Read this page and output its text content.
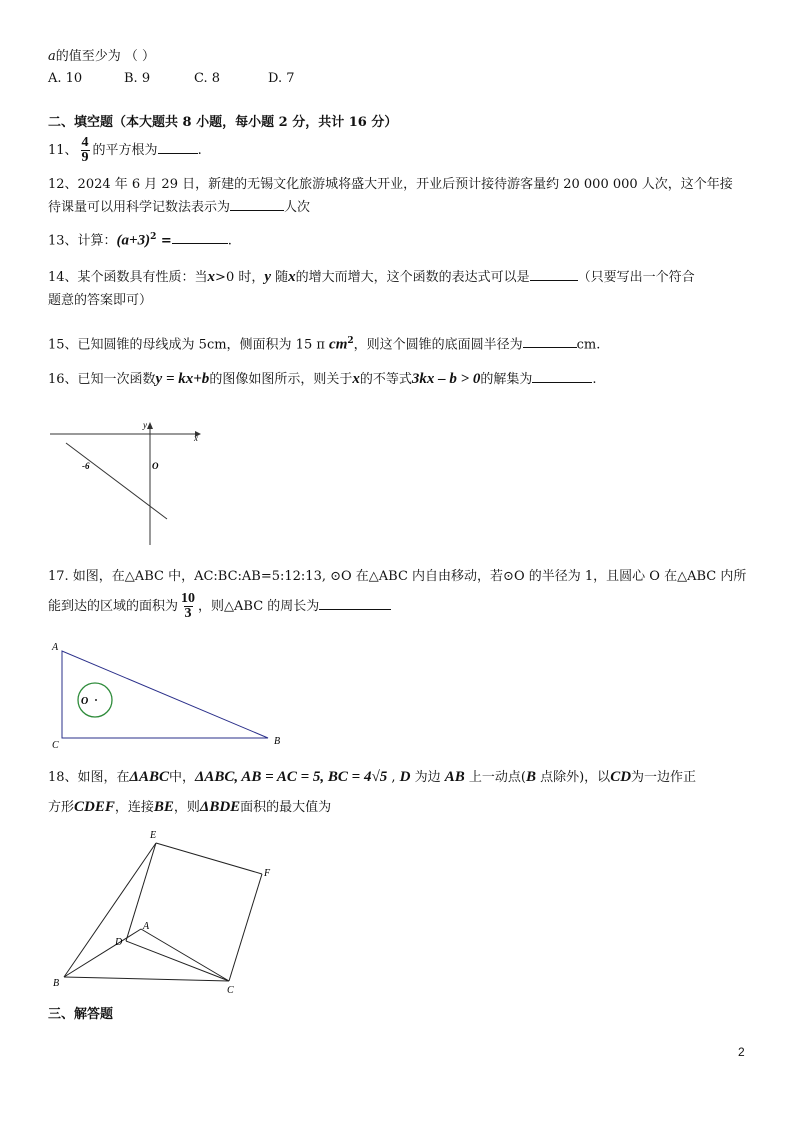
a的值至少为 （ ）
A. 10	B. 9	C. 8	D. 7
二、填空题（本大题共 8 小题，每小题 2 分，共计 16 分）
11、 $\frac{4}{9}$ 的平方根为	.
12、2024 年 6 月 29 日，新建的无锡文化旅游城将盛大开业，开业后预计接待游客量约 20 000 000 人次，这个年接
待课量可以用科学记数法表示为	人次
13、计算：$(a+3)^2$ =	.
14、某个函数具有性质：当x>0 时，y 随x的增大而增大，这个函数的表达式可以是	（只要写出一个符合
题意的答案即可）
15、已知圆锥的母线成为 5cm，侧面积为 15 π $cm^2$，则这个圆锥的底面圆半径为	cm.
16、已知一次函数y = kx+b的图像如图所示，则关于x的不等式3kx – b > 0的解集为	.
y
x
O
-6
A
C	B
O
E
F
A
D
B
C
17. 如图，在△ABC 中，AC:BC:AB=5:12:13, ⊙O 在△ABC 内自由移动，若⊙O 的半径为 1，且圆心 O 在△ABC 内所
能到达的区域的面积为 $\frac{10}{3}$ ，则△ABC 的周长为
18、如图，在ΔABC中，ΔABC, AB = AC = 5, BC = 4√5 , D 为边 AB 上一动点(B 点除外)，以CD为一边作正
方形CDEF，连接BE，则ΔBDE面积的最大值为
三、解答题
2
